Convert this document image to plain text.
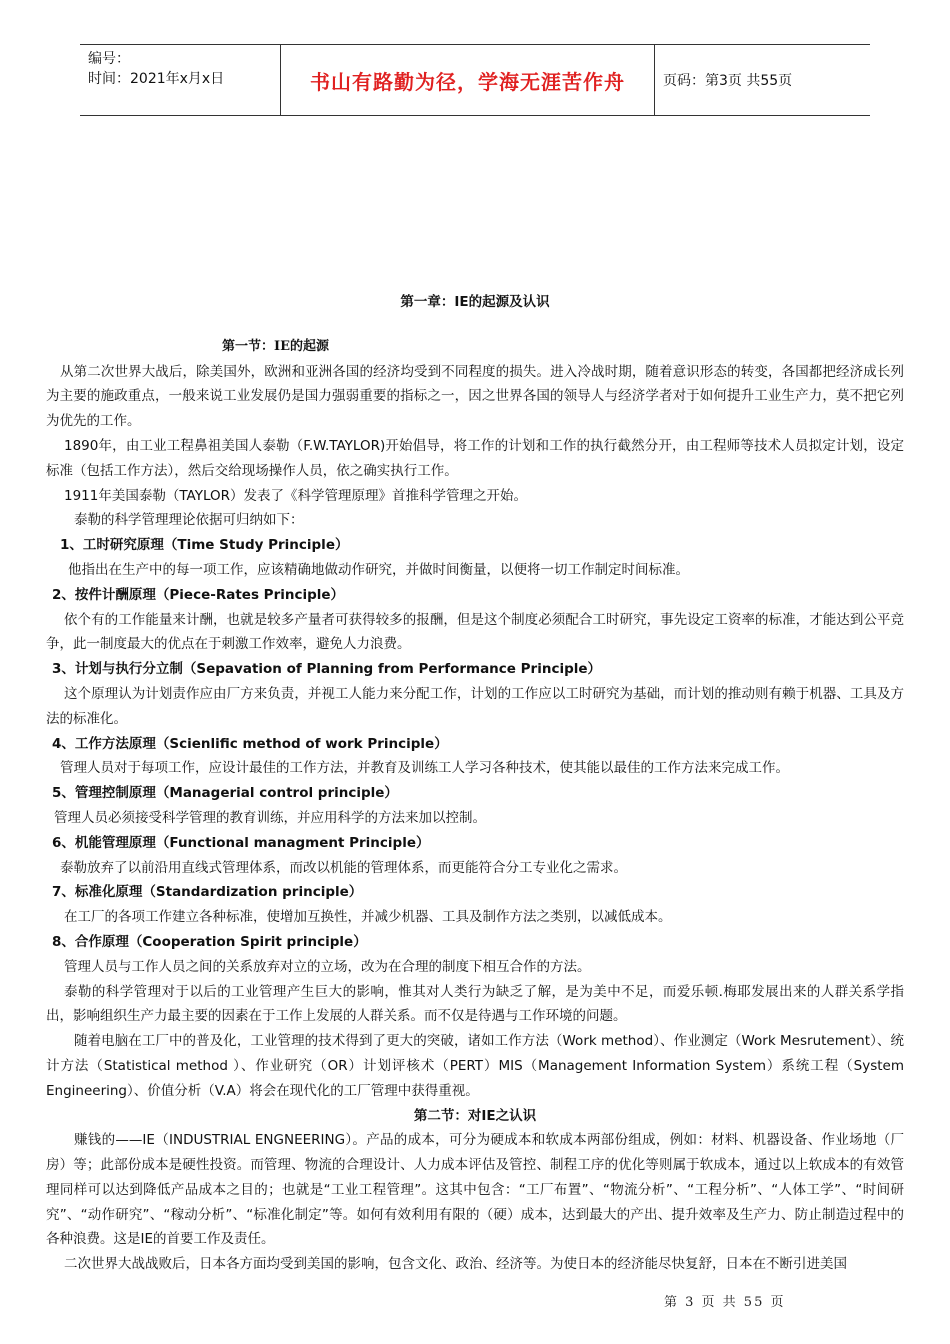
编号：
时间：2021年x月x日	书山有路勤为径，学海无涯苦作舟	页码：第3页 共55页
第一章：IE的起源及认识
第一节：IE的起源

从第二次世界大战后，除美国外，欧洲和亚洲各国的经济均受到不同程度的损失。进入冷战时期，随着意识形态的转变，各国都把经济成长列为主要的施政重点，一般来说工业发展仍是国力强弱重要的指标之一，因之世界各国的领导人与经济学者对于如何提升工业生产力，莫不把它列为优先的工作。

1890年，由工业工程鼻祖美国人泰勒（F.W.TAYLOR)开始倡导，将工作的计划和工作的执行截然分开，由工程师等技术人员拟定计划，设定标准（包括工作方法），然后交给现场操作人员，依之确实执行工作。

1911年美国泰勒（TAYLOR）发表了《科学管理原理》首推科学管理之开始。

泰勒的科学管理理论依据可归纳如下：

1、工时研究原理（Time Study Principle）

他指出在生产中的每一项工作，应该精确地做动作研究，并做时间衡量，以便将一切工作制定时间标准。

2、按件计酬原理（Piece-Rates Principle）

依个有的工作能量来计酬，也就是较多产量者可获得较多的报酬，但是这个制度必须配合工时研究，事先设定工资率的标准，才能达到公平竞争，此一制度最大的优点在于刺激工作效率，避免人力浪费。

3、计划与执行分立制（Sepavation of Planning from Performance Principle）

这个原理认为计划责作应由厂方来负责，并视工人能力来分配工作，计划的工作应以工时研究为基础，而计划的推动则有赖于机器、工具及方法的标准化。

4、工作方法原理（Scienlific method of work Principle）

管理人员对于每项工作，应设计最佳的工作方法，并教育及训练工人学习各种技术，使其能以最佳的工作方法来完成工作。

5、管理控制原理（Managerial control principle）

管理人员必须接受科学管理的教育训练，并应用科学的方法来加以控制。

6、机能管理原理（Functional managment Principle）

泰勒放弃了以前沿用直线式管理体系，而改以机能的管理体系，而更能符合分工专业化之需求。

7、标准化原理（Standardization principle）

在工厂的各项工作建立各种标准，使增加互换性，并减少机器、工具及制作方法之类别，以减低成本。

8、合作原理（Cooperation Spirit principle）

管理人员与工作人员之间的关系放弃对立的立场，改为在合理的制度下相互合作的方法。

泰勒的科学管理对于以后的工业管理产生巨大的影响，惟其对人类行为缺乏了解，是为美中不足，而爱乐顿.梅耶发展出来的人群关系学指出，影响组织生产力最主要的因素在于工作上发展的人群关系。而不仅是待遇与工作环境的问题。

随着电脑在工厂中的普及化，工业管理的技术得到了更大的突破，诸如工作方法（Work method）、作业测定（Work Mesrutement）、统计方法（Statistical method ）、作业研究（OR）计划评核术（PERT）MIS（Management Information System）系统工程（System Engineering）、价值分析（V.A）将会在现代化的工厂管理中获得重视。

第二节：对IE之认识

赚钱的——IE（INDUSTRIAL ENGNEERING）。产品的成本，可分为硬成本和软成本两部份组成，例如：材料、机器设备、作业场地（厂房）等；此部份成本是硬性投资。而管理、物流的合理设计、人力成本评估及管控、制程工序的优化等则属于软成本，通过以上软成本的有效管理同样可以达到降低产品成本之目的；也就是“工业工程管理”。这其中包含：“工厂布置”、“物流分析”、“工程分析”、“人体工学”、“时间研究”、“动作研究”、“稼动分析”、“标准化制定”等。如何有效利用有限的（硬）成本，达到最大的产出、提升效率及生产力、防止制造过程中的各种浪费。这是IE的首要工作及责任。

二次世界大战战败后，日本各方面均受到美国的影响，包含文化、政治、经济等。为使日本的经济能尽快复舒，日本在不断引进美国

第 3 页 共 55 页
